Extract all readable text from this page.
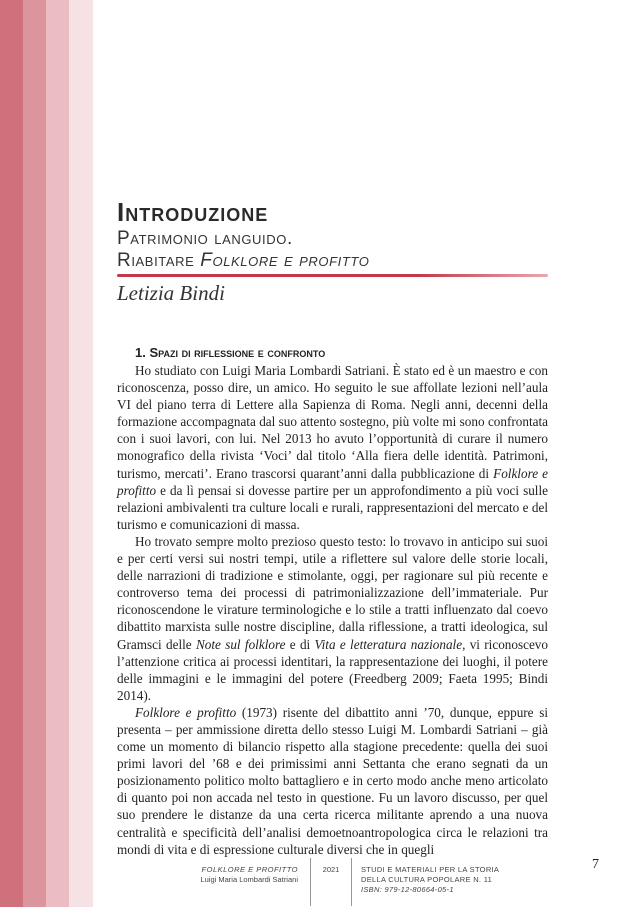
Introduzione
Patrimonio languido.
Riabitare Folklore e profitto
Letizia Bindi
1. Spazi di riflessione e confronto

Ho studiato con Luigi Maria Lombardi Satriani. È stato ed è un maestro e con riconoscenza, posso dire, un amico. Ho seguito le sue affollate lezioni nell’aula VI del piano terra di Lettere alla Sapienza di Roma. Negli anni, decenni della formazione accompagnata dal suo attento sostegno, più volte mi sono confrontata con i suoi lavori, con lui. Nel 2013 ho avuto l’opportunità di curare il numero monografico della rivista ‘Voci’ dal titolo ‘Alla fiera delle identità. Patrimoni, turismo, mercati’. Erano trascorsi quarant’anni dalla pubblicazione di Folklore e profitto e da lì pensai si dovesse partire per un approfondimento a più voci sulle relazioni ambivalenti tra culture locali e rurali, rappresentazioni del mercato e del turismo e comunicazioni di massa.

Ho trovato sempre molto prezioso questo testo: lo trovavo in anticipo sui suoi e per certi versi sui nostri tempi, utile a riflettere sul valore delle storie locali, delle narrazioni di tradizione e stimolante, oggi, per ragionare sul più recente e controverso tema dei processi di patrimonializzazione dell’immateriale. Pur riconoscendone le virature terminologiche e lo stile a tratti influenzato dal coevo dibattito marxista sulle nostre discipline, dalla riflessione, a tratti ideologica, sul Gramsci delle Note sul folklore e di Vita e letteratura nazionale, vi riconoscevo l’attenzione critica ai processi identitari, la rappresentazione dei luoghi, il potere delle immagini e le immagini del potere (Freedberg 2009; Faeta 1995; Bindi 2014).

Folklore e profitto (1973) risente del dibattito anni ’70, dunque, eppure si presenta – per ammissione diretta dello stesso Luigi M. Lombardi Satriani – già come un momento di bilancio rispetto alla stagione precedente: quella dei suoi primi lavori del ’68 e dei primissimi anni Settanta che erano segnati da un posizionamento politico molto battagliero e in certo modo anche meno articolato di quanto poi non accada nel testo in questione. Fu un lavoro discusso, per quel suo prendere le distanze da una certa ricerca militante aprendo a una nuova centralità e specificità dell’analisi demoetnoantropologica circa le relazioni tra mondi di vita e di espressione culturale diversi che in quegli

FOLKLORE E PROFITTO
Luigi Maria Lombardi Satriani
2021	STUDI E MATERIALI PER LA STORIA
DELLA CULTURA POPOLARE N. 11
ISBN: 979-12-80664-05-1
7
